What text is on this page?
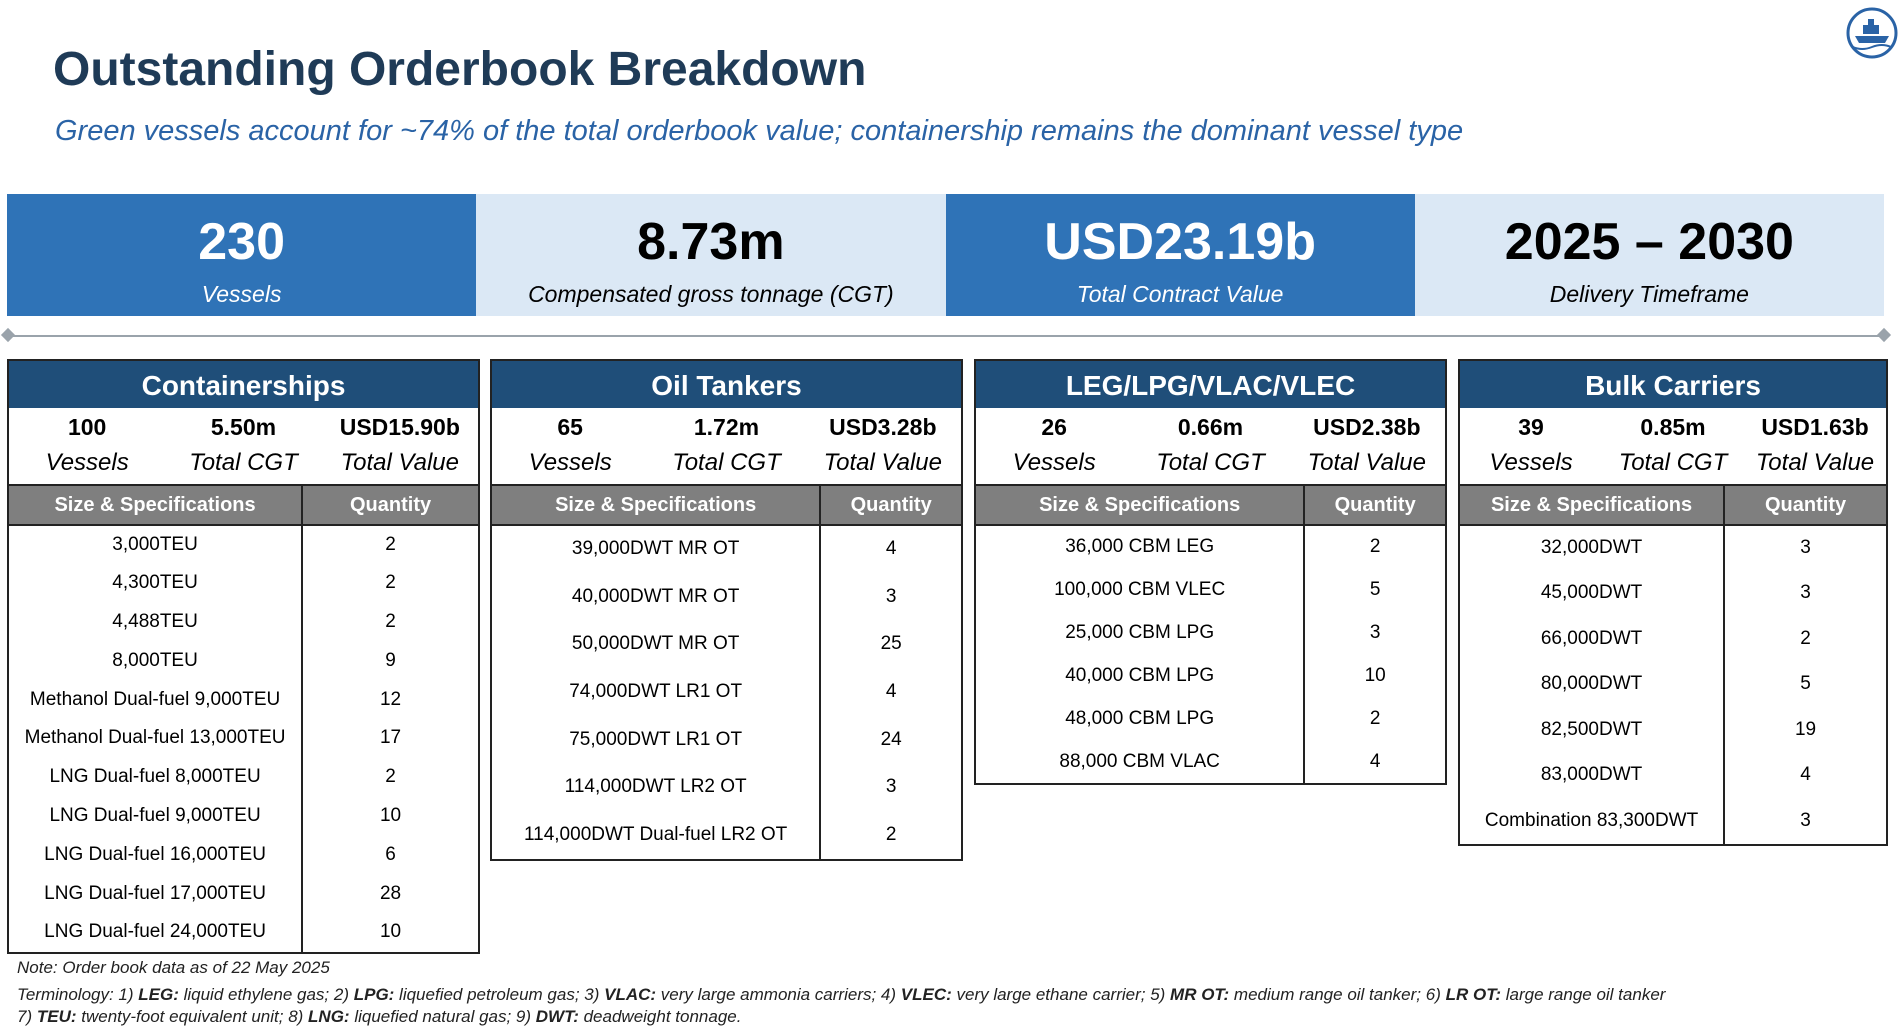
Outstanding Orderbook Breakdown
Green vessels account for ~74% of the total orderbook value; containership remains the dominant vessel type
230
Vessels
8.73m
Compensated gross tonnage (CGT)
USD23.19b
Total Contract Value
2025 – 2030
Delivery Timeframe
Containerships
100
Vessels
5.50m
Total CGT
USD15.90b
Total Value
Size & Specifications	Quantity
3,000TEU	2
4,300TEU	2
4,488TEU	2
8,000TEU	9
Methanol Dual-fuel 9,000TEU	12
Methanol Dual-fuel 13,000TEU	17
LNG Dual-fuel 8,000TEU	2
LNG Dual-fuel 9,000TEU	10
LNG Dual-fuel 16,000TEU	6
LNG Dual-fuel 17,000TEU	28
LNG Dual-fuel 24,000TEU	10
Oil Tankers
65
Vessels
1.72m
Total CGT
USD3.28b
Total Value
Size & Specifications	Quantity
39,000DWT MR OT	4
40,000DWT MR OT	3
50,000DWT MR OT	25
74,000DWT LR1 OT	4
75,000DWT LR1 OT	24
114,000DWT LR2 OT	3
114,000DWT Dual-fuel LR2 OT	2
LEG/LPG/VLAC/VLEC
26
Vessels
0.66m
Total CGT
USD2.38b
Total Value
Size & Specifications	Quantity
36,000 CBM LEG	2
100,000 CBM VLEC	5
25,000 CBM LPG	3
40,000 CBM LPG	10
48,000 CBM LPG	2
88,000 CBM VLAC	4
Bulk Carriers
39
Vessels
0.85m
Total CGT
USD1.63b
Total Value
Size & Specifications	Quantity
32,000DWT	3
45,000DWT	3
66,000DWT	2
80,000DWT	5
82,500DWT	19
83,000DWT	4
Combination 83,300DWT	3
Note: Order book data as of 22 May 2025
Terminology: 1) LEG: liquid ethylene gas; 2) LPG: liquefied petroleum gas; 3) VLAC: very large ammonia carriers; 4) VLEC: very large ethane carrier; 5) MR OT: medium range oil tanker; 6) LR OT: large range oil tanker
7) TEU: twenty-foot equivalent unit; 8) LNG: liquefied natural gas; 9) DWT: deadweight tonnage.
